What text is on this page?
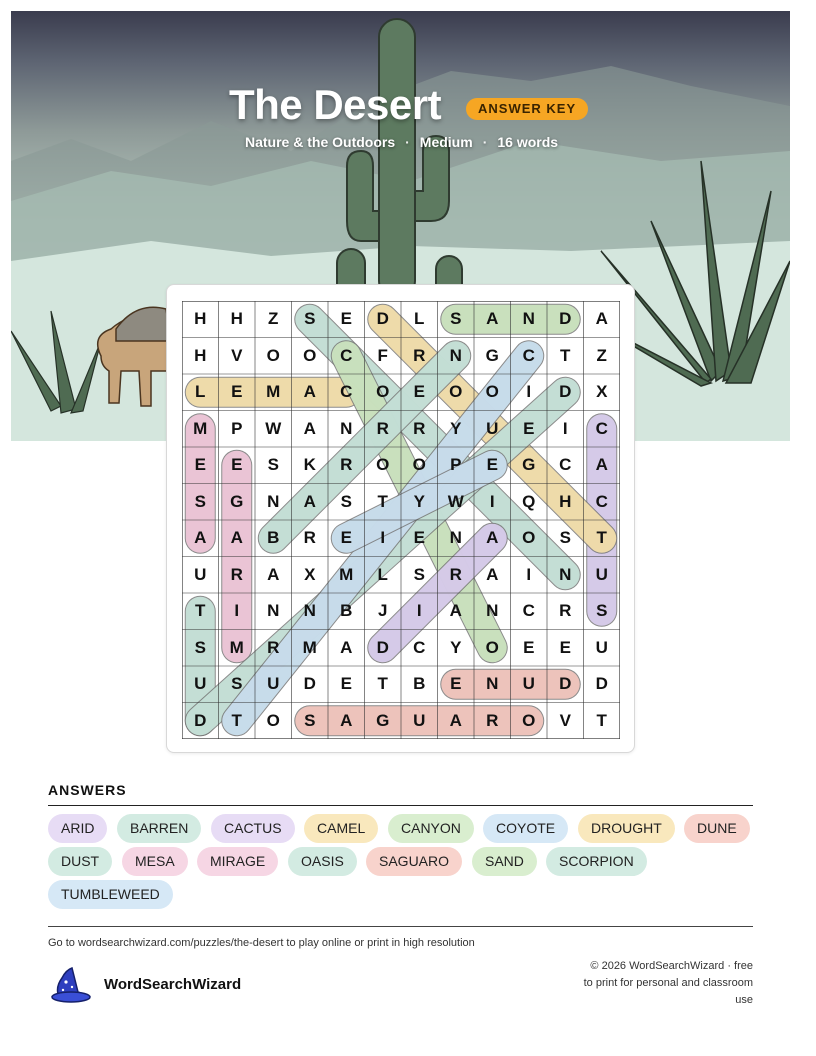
The Desert	ANSWER KEY
Nature & the Outdoors · Medium · 16 words
H	H	Z	S	E	D	L	S	A	N	D	A
H	V	O	O	C	F	R	N	G	C	T	Z
L	E	M	A	C	O	E	O	O	I	D	X
M	P	W	A	N	R	R	Y	U	E	I	C
E	E	S	K	R	O	O	P	E	G	C	A
S	G	N	A	S	T	Y	W	I	Q	H	C
A	A	B	R	E	I	E	N	A	O	S	T
U	R	A	X	M	L	S	R	A	I	N	U
T	I	N	N	B	J	I	A	N	C	R	S
S	M	R	M	A	D	C	Y	O	E	E	U
U	S	U	D	E	T	B	E	N	U	D	D
D	T	O	S	A	G	U	A	R	O	V	T
ANSWERS
ARID	BARREN	CACTUS	CAMEL	CANYON	COYOTE	DROUGHT	DUNE
DUST	MESA	MIRAGE	OASIS	SAGUARO	SAND	SCORPION
TUMBLEWEED
Go to wordsearchwizard.com/puzzles/the-desert to play online or print in high resolution
WordSearchWizard
© 2026 WordSearchWizard · free to print for personal and classroom use
